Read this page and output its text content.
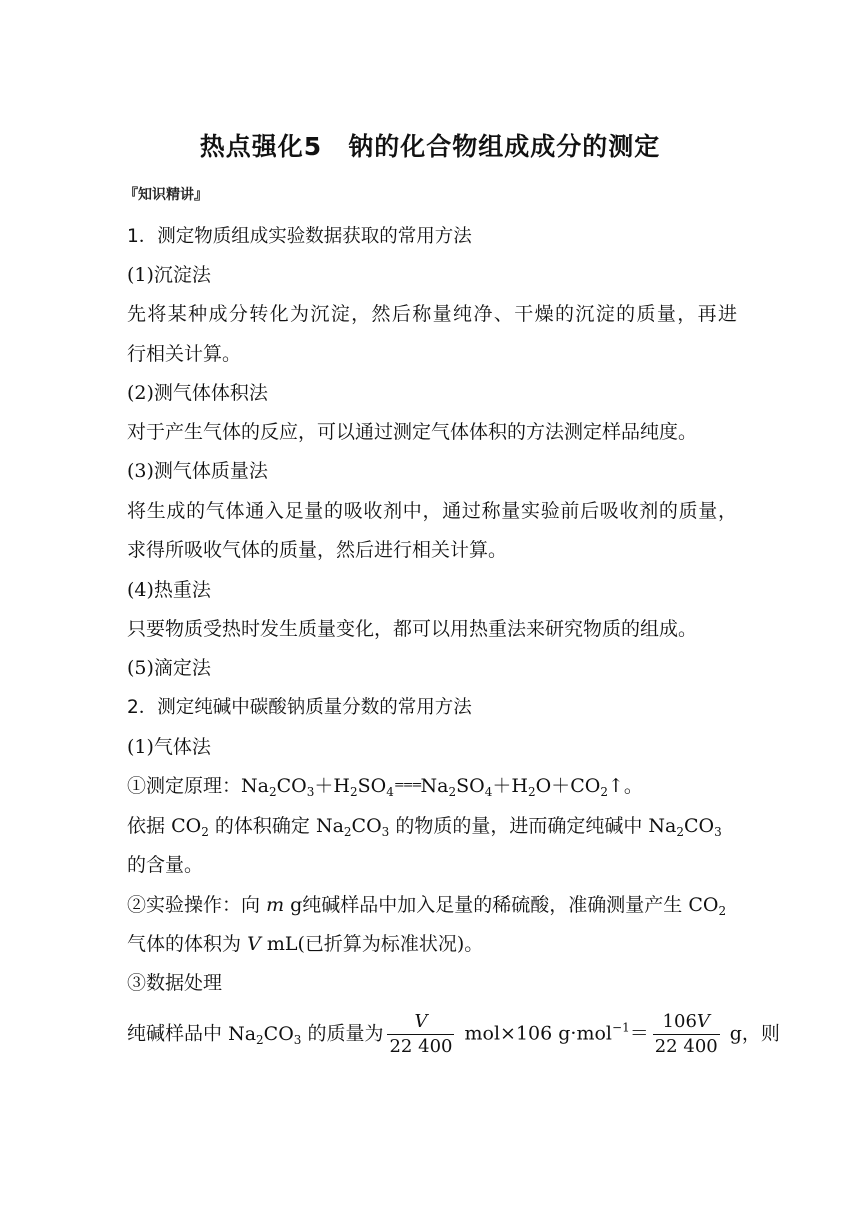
热点强化5　钠的化合物组成成分的测定
『知识精讲』
1．测定物质组成实验数据获取的常用方法
(1)沉淀法
先将某种成分转化为沉淀，然后称量纯净、干燥的沉淀的质量，再进
行相关计算。
(2)测气体体积法
对于产生气体的反应，可以通过测定气体体积的方法测定样品纯度。
(3)测气体质量法
将生成的气体通入足量的吸收剂中，通过称量实验前后吸收剂的质量，
求得所吸收气体的质量，然后进行相关计算。
(4)热重法
只要物质受热时发生质量变化，都可以用热重法来研究物质的组成。
(5)滴定法
2．测定纯碱中碳酸钠质量分数的常用方法
(1)气体法
①测定原理：$Na_2CO_3+H_2SO_4===Na_2SO_4+H_2O+CO_2↑$。
依据 $CO_2$ 的体积确定 $Na_2CO_3$ 的物质的量，进而确定纯碱中 $Na_2CO_3$
的含量。
②实验操作：向 m g纯碱样品中加入足量的稀硫酸，准确测量产生 $CO_2$
气体的体积为 V mL(已折算为标准状况)。
③数据处理
纯碱样品中 $Na_2CO_3$ 的质量为 $\frac{V}{22 400} mol\times 106$ $g\cdot mol^{-1}= \frac{106V}{22 400}$ g，则
